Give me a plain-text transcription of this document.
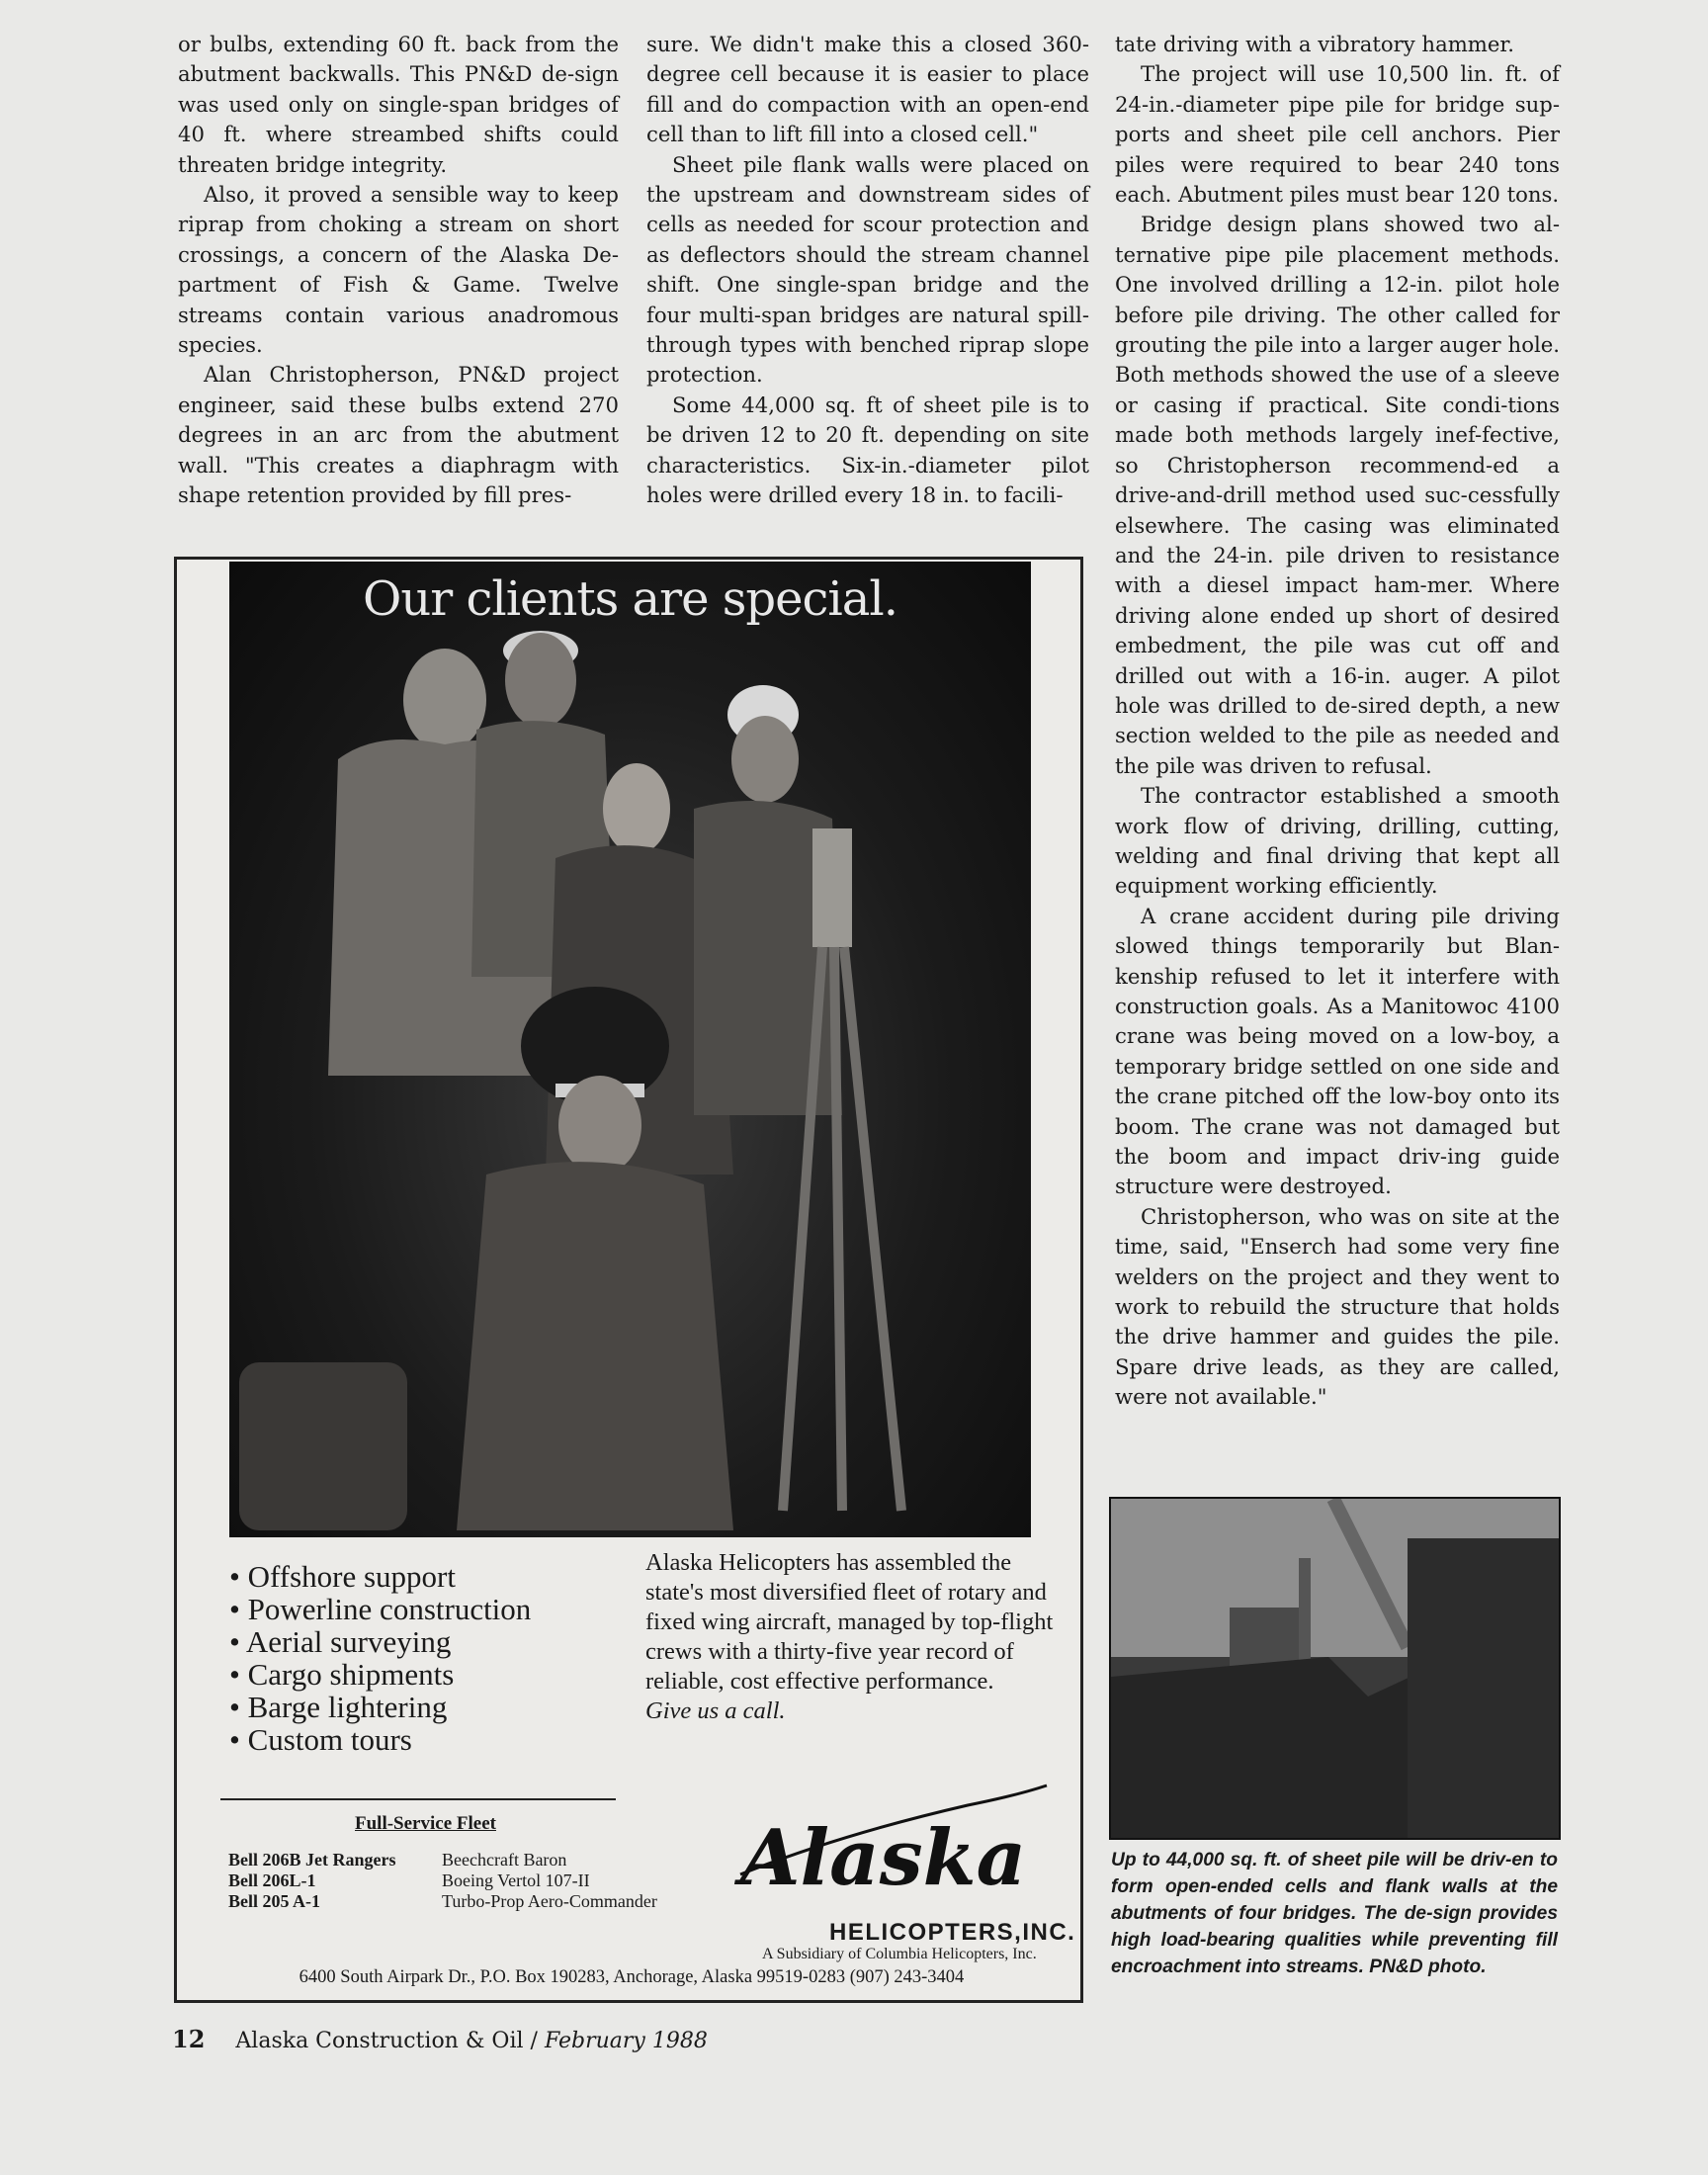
or bulbs, extending 60 ft. back from the abutment backwalls. This PN&D de-sign was used only on single-span bridges of 40 ft. where streambed shifts could threaten bridge integrity.

Also, it proved a sensible way to keep riprap from choking a stream on short crossings, a concern of the Alaska De-partment of Fish & Game. Twelve streams contain various anadromous species.

Alan Christopherson, PN&D project engineer, said these bulbs extend 270 degrees in an arc from the abutment wall. "This creates a diaphragm with shape retention provided by fill pres-

sure. We didn't make this a closed 360-degree cell because it is easier to place fill and do compaction with an open-end cell than to lift fill into a closed cell."

Sheet pile flank walls were placed on the upstream and downstream sides of cells as needed for scour protection and as deflectors should the stream channel shift. One single-span bridge and the four multi-span bridges are natural spill-through types with benched riprap slope protection.

Some 44,000 sq. ft of sheet pile is to be driven 12 to 20 ft. depending on site characteristics. Six-in.-diameter pilot holes were drilled every 18 in. to facili-

tate driving with a vibratory hammer.

The project will use 10,500 lin. ft. of 24-in.-diameter pipe pile for bridge sup-ports and sheet pile cell anchors. Pier piles were required to bear 240 tons each. Abutment piles must bear 120 tons.

Bridge design plans showed two al-ternative pipe pile placement methods. One involved drilling a 12-in. pilot hole before pile driving. The other called for grouting the pile into a larger auger hole. Both methods showed the use of a sleeve or casing if practical. Site condi-tions made both methods largely inef-fective, so Christopherson recommend-ed a drive-and-drill method used suc-cessfully elsewhere. The casing was eliminated and the 24-in. pile driven to resistance with a diesel impact ham-mer. Where driving alone ended up short of desired embedment, the pile was cut off and drilled out with a 16-in. auger. A pilot hole was drilled to de-sired depth, a new section welded to the pile as needed and the pile was driven to refusal.

The contractor established a smooth work flow of driving, drilling, cutting, welding and final driving that kept all equipment working efficiently.

A crane accident during pile driving slowed things temporarily but Blan-kenship refused to let it interfere with construction goals. As a Manitowoc 4100 crane was being moved on a low-boy, a temporary bridge settled on one side and the crane pitched off the low-boy onto its boom. The crane was not damaged but the boom and impact driv-ing guide structure were destroyed.

Christopherson, who was on site at the time, said, "Enserch had some very fine welders on the project and they went to work to rebuild the structure that holds the drive hammer and guides the pile. Spare drive leads, as they are called, were not available."

Our clients are special.
• Offshore support
• Powerline construction
• Aerial surveying
• Cargo shipments
• Barge lightering
• Custom tours
Alaska Helicopters has assembled the state's most diversified fleet of rotary and fixed wing aircraft, managed by top-flight crews with a thirty-five year record of reliable, cost effective performance.
Give us a call.
Full-Service Fleet
Bell 206B Jet Rangers
Bell 206L-1
Bell 205 A-1
Beechcraft Baron
Boeing Vertol 107-II
Turbo-Prop Aero-Commander Alaska
HELICOPTERS,INC.
A Subsidiary of Columbia Helicopters, Inc.
6400 South Airpark Dr., P.O. Box 190283, Anchorage, Alaska 99519-0283 (907) 243-3404
Up to 44,000 sq. ft. of sheet pile will be driv-en to form open-ended cells and flank walls at the abutments of four bridges. The de-sign provides high load-bearing qualities while preventing fill encroachment into streams. PN&D photo.
12 Alaska Construction & Oil / February 1988
